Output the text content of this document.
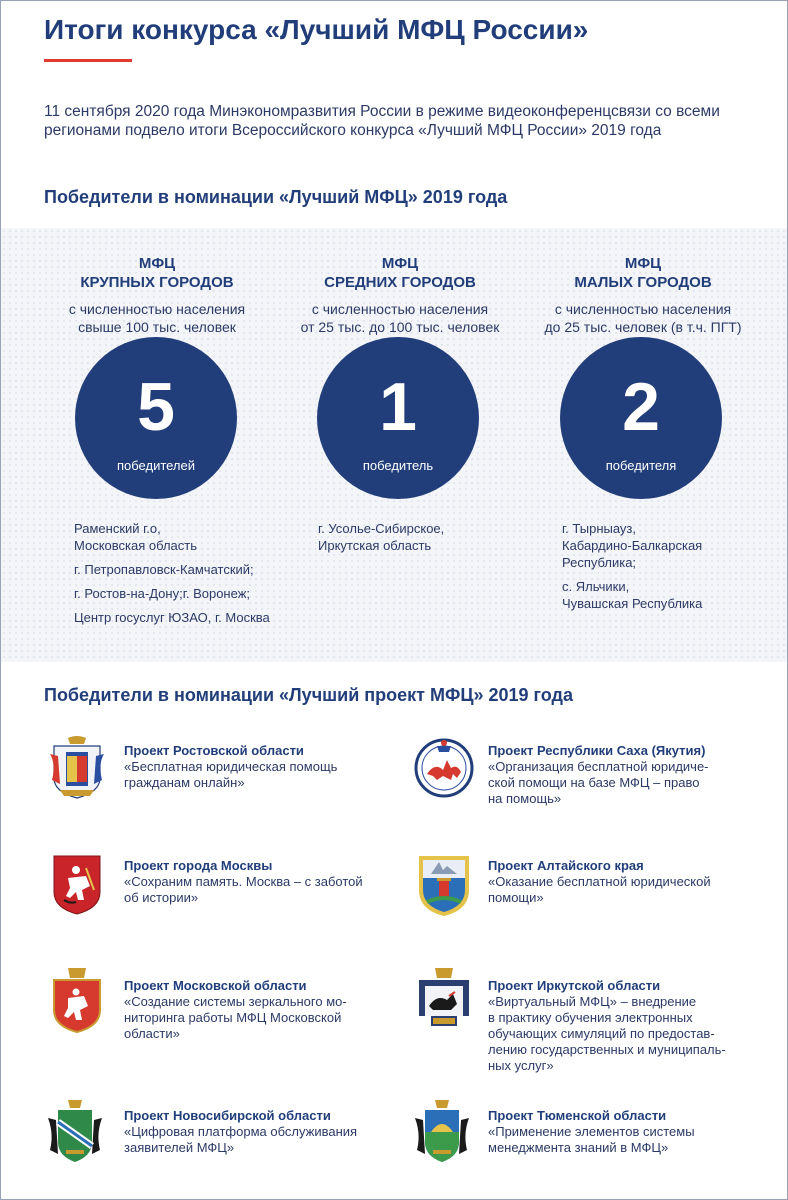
Итоги конкурса «Лучший МФЦ России»

11 сентября 2020 года Минэкономразвития России в режиме видеоконференцсвязи со всеми регионами подвело итоги Всероссийского конкурса «Лучший МФЦ России» 2019 года

Победители в номинации «Лучший МФЦ» 2019 года
МФЦ
КРУПНЫХ ГОРОДОВ
с численностью населения
свыше 100 тыс. человек
5
победителей
Раменский г.о,
Московская область
г. Петропавловск-Камчатский;
г. Ростов-на-Дону;г. Воронеж;
Центр госуслуг ЮЗАО, г. Москва
МФЦ
СРЕДНИХ ГОРОДОВ
с численностью населения
от 25 тыс. до 100 тыс. человек
1
победитель
г. Усолье-Сибирское,
Иркутская область
МФЦ
МАЛЫХ ГОРОДОВ
с численностью населения
до 25 тыс. человек (в т.ч. ПГТ)
2
победителя
г. Тырныауз,
Кабардино-Балкарская
Республика;
с. Яльчики,
Чувашская Республика
Победители в номинации «Лучший проект МФЦ» 2019 года
Проект Ростовской области
«Бесплатная юридическая помощь
гражданам онлайн»
Проект Республики Саха (Якутия)
«Организация бесплатной юридиче-
ской помощи на базе МФЦ – право
на помощь»
Проект города Москвы
«Сохраним память. Москва – с заботой
об истории»
Проект Алтайского края
«Оказание бесплатной юридической
помощи»
Проект Московской области
«Создание системы зеркального мо-
ниторинга работы МФЦ Московской
области»
Проект Иркутской области
«Виртуальный МФЦ» – внедрение
в практику обучения электронных
обучающих симуляций по предостав-
лению государственных и муниципаль-
ных услуг»
Проект Новосибирской области
«Цифровая платформа обслуживания
заявителей МФЦ»
Проект Тюменской области
«Применение элементов системы
менеджмента знаний в МФЦ»
